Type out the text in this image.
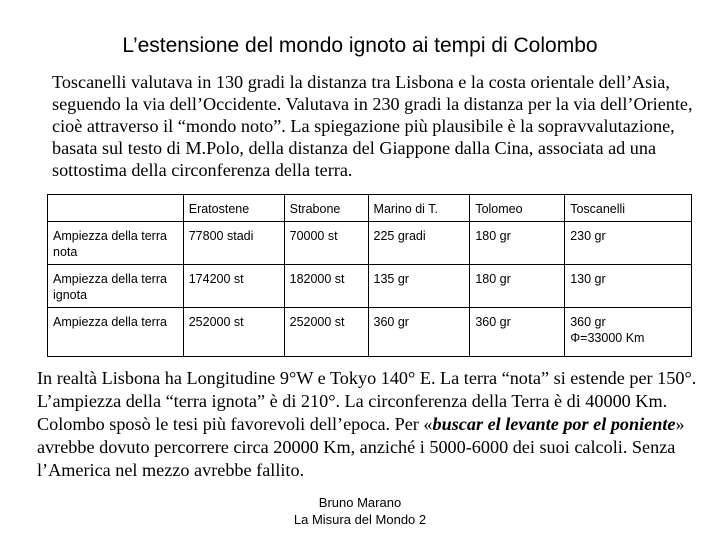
L’estensione del mondo ignoto ai tempi di Colombo
Toscanelli valutava in 130 gradi la distanza tra Lisbona e la costa orientale dell’Asia, seguendo la via dell’Occidente. Valutava in 230 gradi la distanza per la via dell’Oriente, cioè attraverso il “mondo noto”. La spiegazione più plausibile è la sopravvalutazione, basata sul testo di M.Polo, della distanza del Giappone dalla Cina, associata ad una sottostima della circonferenza della terra.
	Eratostene	Strabone	Marino di T.	Tolomeo	Toscanelli
Ampiezza della terra nota	77800 stadi	70000 st	225 gradi	180 gr	230 gr
Ampiezza della terra ignota	174200 st	182000 st	135 gr	180 gr	130 gr
Ampiezza della terra	252000 st	252000 st	360 gr	360 gr	360 gr
Φ=33000 Km
In realtà Lisbona ha Longitudine 9°W e Tokyo 140° E. La terra “nota” si estende per 150°. L’ampiezza della “terra ignota” è di 210°. La circonferenza della Terra è di 40000 Km. Colombo sposò le tesi più favorevoli dell’epoca. Per «buscar el levante por el poniente» avrebbe dovuto percorrere circa 20000 Km, anziché i 5000-6000 dei suoi calcoli. Senza l’America nel mezzo avrebbe fallito.
Bruno Marano
La Misura del Mondo 2
